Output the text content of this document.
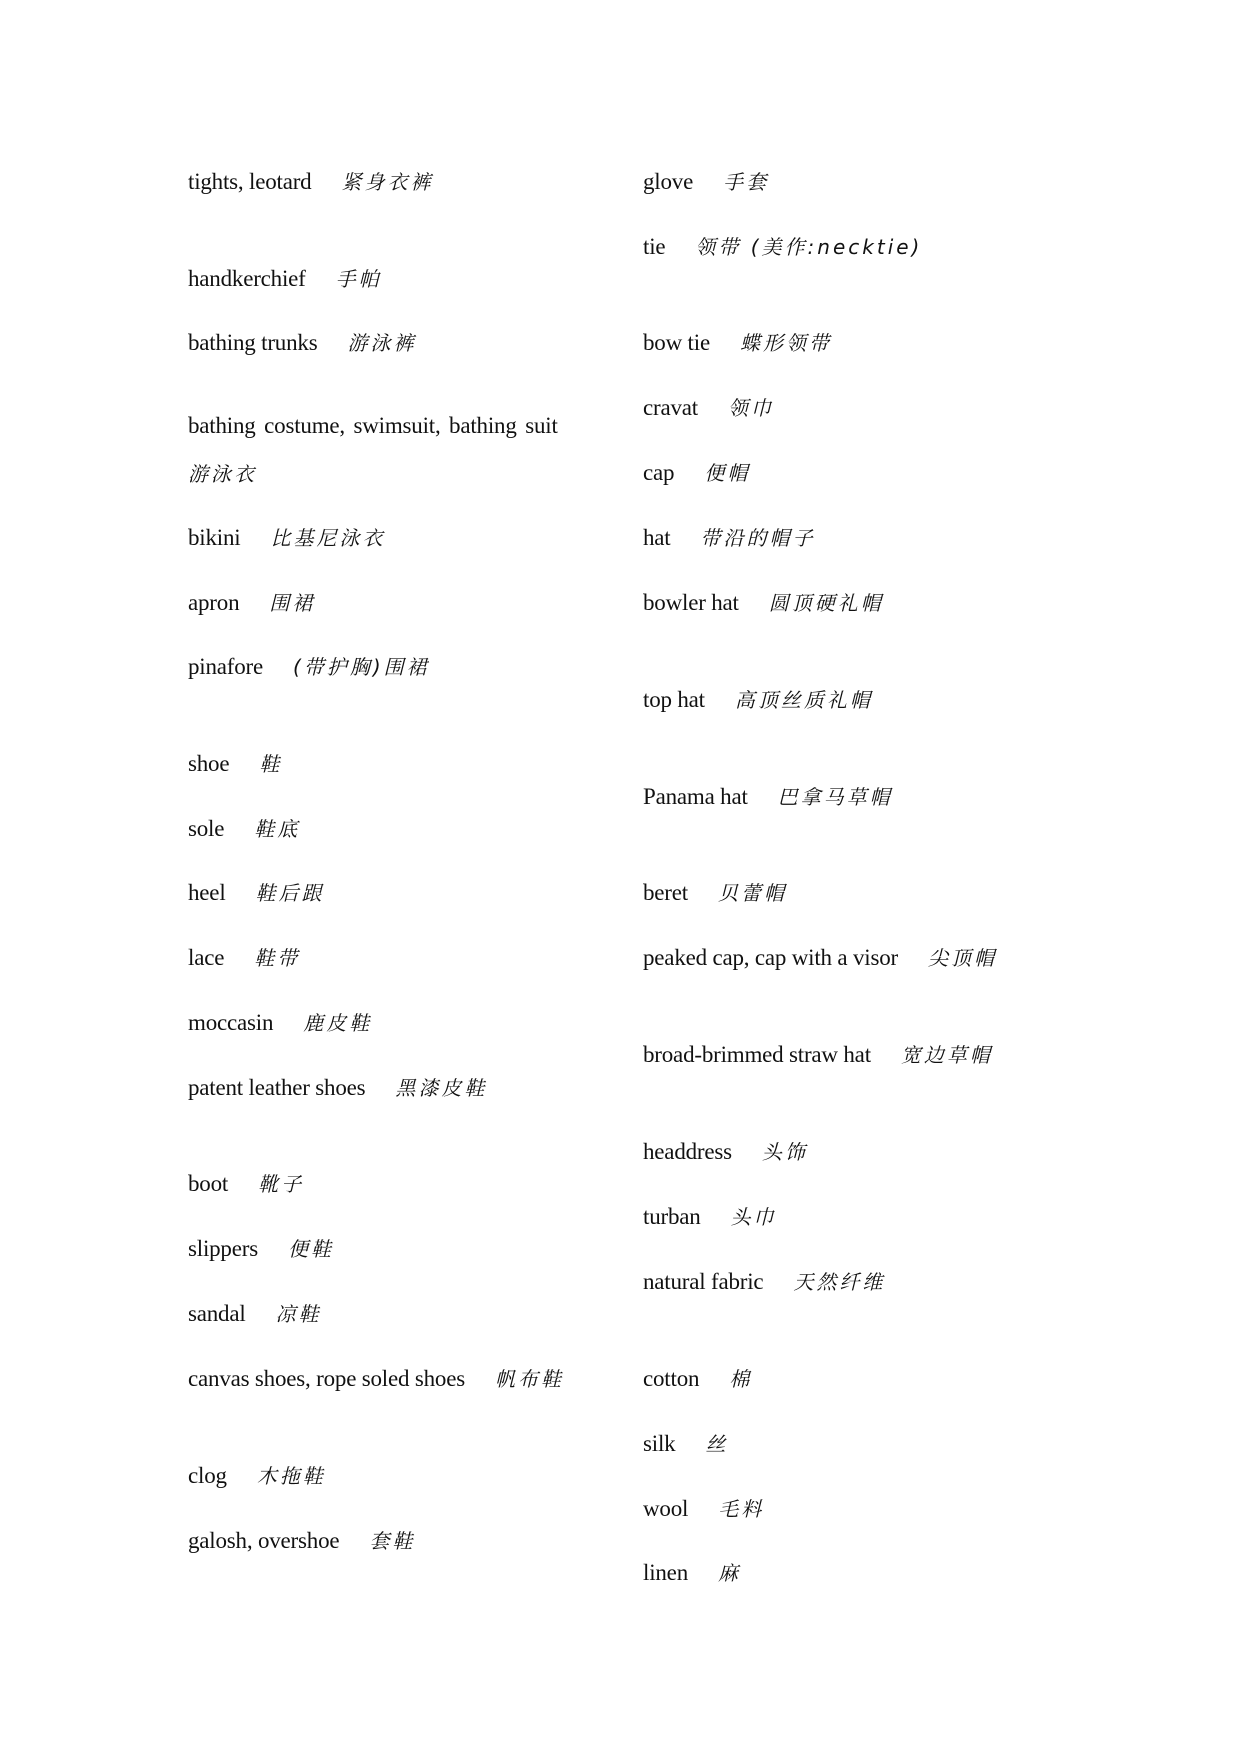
tights, leotard 紧身衣裤
handkerchief 手帕
bathing trunks 游泳裤
bathing costume, swimsuit, bathing suit
游泳衣
bikini 比基尼泳衣
apron 围裙
pinafore (带护胸)围裙
shoe 鞋
sole 鞋底
heel 鞋后跟
lace 鞋带
moccasin 鹿皮鞋
patent leather shoes 黑漆皮鞋
boot 靴子
slippers 便鞋
sandal 凉鞋
canvas shoes, rope soled shoes 帆布鞋
clog 木拖鞋
galosh, overshoe 套鞋
glove 手套
tie 领带 (美作:necktie)
bow tie 蝶形领带
cravat 领巾
cap 便帽
hat 带沿的帽子
bowler hat 圆顶硬礼帽
top hat 高顶丝质礼帽
Panama hat 巴拿马草帽
beret 贝蕾帽
peaked cap, cap with a visor 尖顶帽
broad-brimmed straw hat 宽边草帽
headdress 头饰
turban 头巾
natural fabric 天然纤维
cotton 棉
silk 丝
wool 毛料
linen 麻
